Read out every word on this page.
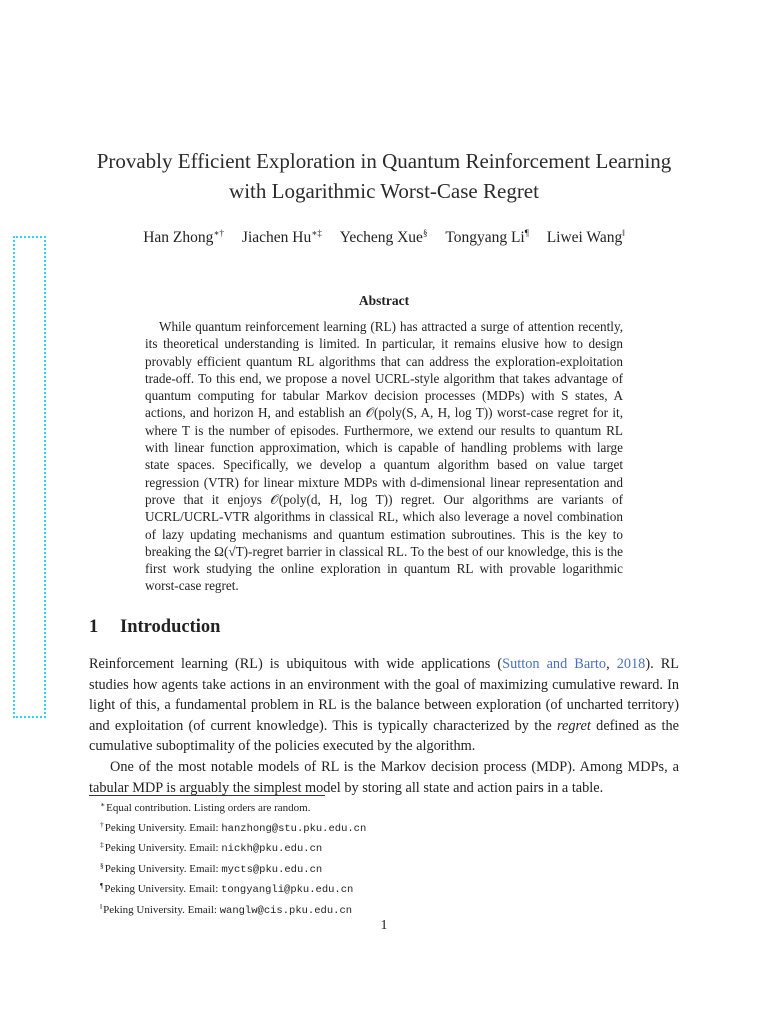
Provably Efficient Exploration in Quantum Reinforcement Learning
with Logarithmic Worst-Case Regret
Han Zhong∗† Jiachen Hu∗‡ Yecheng Xue§ Tongyang Li¶ Liwei Wang‖
Abstract

While quantum reinforcement learning (RL) has attracted a surge of attention recently, its theoretical understanding is limited. In particular, it remains elusive how to design provably efficient quantum RL algorithms that can address the exploration-exploitation trade-off. To this end, we propose a novel UCRL-style algorithm that takes advantage of quantum computing for tabular Markov decision processes (MDPs) with S states, A actions, and horizon H, and establish an 𝒪(poly(S, A, H, log T)) worst-case regret for it, where T is the number of episodes. Furthermore, we extend our results to quantum RL with linear function approximation, which is capable of handling problems with large state spaces. Specifically, we develop a quantum algorithm based on value target regression (VTR) for linear mixture MDPs with d-dimensional linear representation and prove that it enjoys 𝒪(poly(d, H, log T)) regret. Our algorithms are variants of UCRL/UCRL-VTR algorithms in classical RL, which also leverage a novel combination of lazy updating mechanisms and quantum estimation subroutines. This is the key to breaking the Ω(√T)-regret barrier in classical RL. To the best of our knowledge, this is the first work studying the online exploration in quantum RL with provable logarithmic worst-case regret.

1 Introduction

Reinforcement learning (RL) is ubiquitous with wide applications (Sutton and Barto, 2018). RL studies how agents take actions in an environment with the goal of maximizing cumulative reward. In light of this, a fundamental problem in RL is the balance between exploration (of uncharted territory) and exploitation (of current knowledge). This is typically characterized by the regret defined as the cumulative suboptimality of the policies executed by the algorithm.

One of the most notable models of RL is the Markov decision process (MDP). Among MDPs, a tabular MDP is arguably the simplest model by storing all state and action pairs in a table.

∗Equal contribution. Listing orders are random.
†Peking University. Email: hanzhong@stu.pku.edu.cn
‡Peking University. Email: nickh@pku.edu.cn
§Peking University. Email: mycts@pku.edu.cn
¶Peking University. Email: tongyangli@pku.edu.cn
‖Peking University. Email: wanglw@cis.pku.edu.cn
1
